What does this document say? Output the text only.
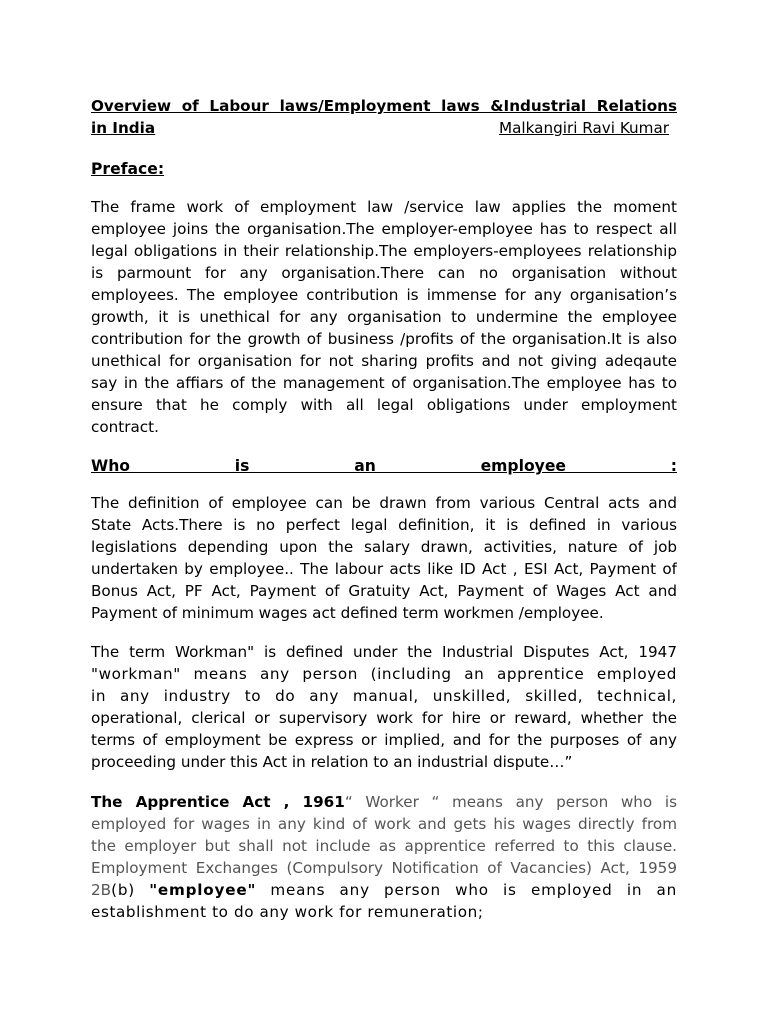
Overview of Labour laws/Employment laws &Industrial Relations
in India	Malkangiri Ravi Kumar
Preface:
The frame work of employment law /service law applies the moment
employee joins the organisation.The employer-employee has to respect all
legal obligations in their relationship.The employers-employees relationship
is parmount for any organisation.There can no organisation without
employees. The employee contribution is immense for any organisation’s
growth, it is unethical for any organisation to undermine the employee
contribution for the growth of business /profits of the organisation.It is also
unethical for organisation for not sharing profits and not giving adeqaute
say in the affiars of the management of organisation.The employee has to
ensure that he comply with all legal obligations under employment
contract.
Who is an employee :
The definition of employee can be drawn from various Central acts and
State Acts.There is no perfect legal definition, it is defined in various
legislations depending upon the salary drawn, activities, nature of job
undertaken by employee.. The labour acts like ID Act , ESI Act, Payment of
Bonus Act, PF Act, Payment of Gratuity Act, Payment of Wages Act and
Payment of minimum wages act defined term workmen /employee.
The term Workman" is defined under the Industrial Disputes Act, 1947
"workman" means any person (including an apprentice employed
in any industry to do any manual, unskilled, skilled, technical,
operational, clerical or supervisory work for hire or reward, whether the
terms of employment be express or implied, and for the purposes of any
proceeding under this Act in relation to an industrial dispute…”
The Apprentice Act , 1961“ Worker “ means any person who is
employed for wages in any kind of work and gets his wages directly from
the employer but shall not include as apprentice referred to this clause.
Employment Exchanges (Compulsory Notification of Vacancies) Act, 1959
2B(b) "employee" means any person who is employed in an
establishment to do any work for remuneration;
